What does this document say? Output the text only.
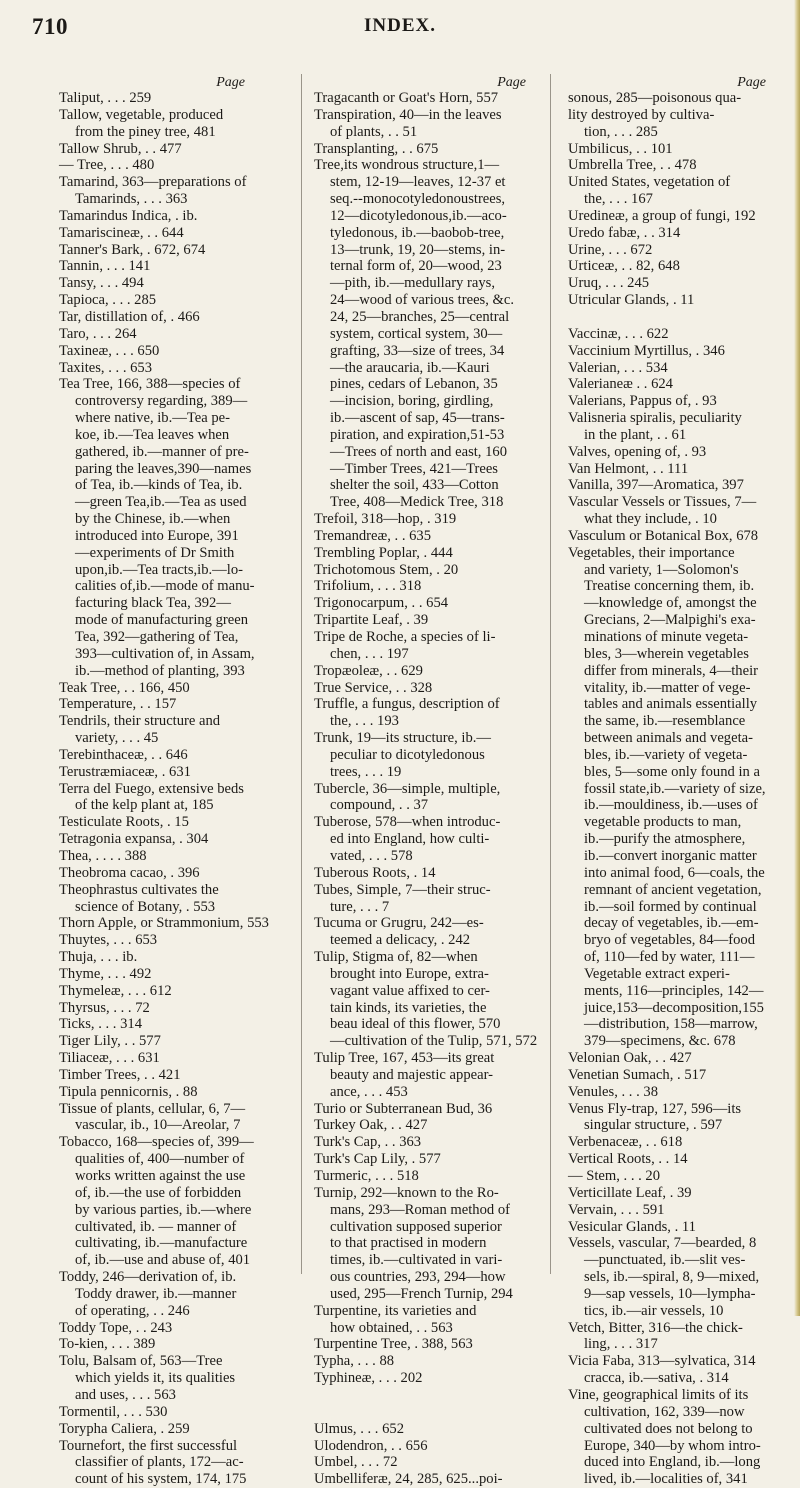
710	INDEX.
Page
Taliput, . . . 259
Tallow, vegetable, produced
from the piney tree, 481
Tallow Shrub, . . 477
— Tree, . . . 480
Tamarind, 363—preparations of
Tamarinds, . . . 363
Tamarindus Indica, . ib.
Tamariscineæ, . . 644
Tanner's Bark, . 672, 674
Tannin, . . . 141
Tansy, . . . 494
Tapioca, . . . 285
Tar, distillation of, . 466
Taro, . . . 264
Taxineæ, . . . 650
Taxites, . . . 653
Tea Tree, 166, 388—species of
controversy regarding, 389—
where native, ib.—Tea pe-
koe, ib.—Tea leaves when
gathered, ib.—manner of pre-
paring the leaves,390—names
of Tea, ib.—kinds of Tea, ib.
—green Tea,ib.—Tea as used
by the Chinese, ib.—when
introduced into Europe, 391
—experiments of Dr Smith
upon,ib.—Tea tracts,ib.—lo-
calities of,ib.—mode of manu-
facturing black Tea, 392—
mode of manufacturing green
Tea, 392—gathering of Tea,
393—cultivation of, in Assam,
ib.—method of planting, 393
Teak Tree, . . 166, 450
Temperature, . . 157
Tendrils, their structure and
variety, . . . 45
Terebinthaceæ, . . 646
Terustræmiaceæ, . 631
Terra del Fuego, extensive beds
of the kelp plant at, 185
Testiculate Roots, . 15
Tetragonia expansa, . 304
Thea, . . . . 388
Theobroma cacao, . 396
Theophrastus cultivates the
science of Botany, . 553
Thorn Apple, or Strammonium, 553
Thuytes, . . . 653
Thuja, . . . ib.
Thyme, . . . 492
Thymeleæ, . . . 612
Thyrsus, . . . 72
Ticks, . . . 314
Tiger Lily, . . 577
Tiliaceæ, . . . 631
Timber Trees, . . 421
Tipula pennicornis, . 88
Tissue of plants, cellular, 6, 7—
vascular, ib., 10—Areolar, 7
Tobacco, 168—species of, 399—
qualities of, 400—number of
works written against the use
of, ib.—the use of forbidden
by various parties, ib.—where
cultivated, ib. — manner of
cultivating, ib.—manufacture
of, ib.—use and abuse of, 401
Toddy, 246—derivation of, ib.
Toddy drawer, ib.—manner
of operating, . . 246
Toddy Tope, . . 243
To-kien, . . . 389
Tolu, Balsam of, 563—Tree
which yields it, its qualities
and uses, . . . 563
Tormentil, . . . 530
Torypha Caliera, . 259
Tournefort, the first successful
classifier of plants, 172—ac-
count of his system, 174, 175
Page
Tragacanth or Goat's Horn, 557
Transpiration, 40—in the leaves
of plants, . . 51
Transplanting, . . 675
Tree,its wondrous structure,1—
stem, 12-19—leaves, 12-37 et
seq.--monocotyledonoustrees,
12—dicotyledonous,ib.—aco-
tyledonous, ib.—baobob-tree,
13—trunk, 19, 20—stems, in-
ternal form of, 20—wood, 23
—pith, ib.—medullary rays,
24—wood of various trees, &c.
24, 25—branches, 25—central
system, cortical system, 30—
grafting, 33—size of trees, 34
—the araucaria, ib.—Kauri
pines, cedars of Lebanon, 35
—incision, boring, girdling,
ib.—ascent of sap, 45—trans-
piration, and expiration,51-53
—Trees of north and east, 160
—Timber Trees, 421—Trees
shelter the soil, 433—Cotton
Tree, 408—Medick Tree, 318
Trefoil, 318—hop, . 319
Tremandreæ, . . 635
Trembling Poplar, . 444
Trichotomous Stem, . 20
Trifolium, . . . 318
Trigonocarpum, . . 654
Tripartite Leaf, . 39
Tripe de Roche, a species of li-
chen, . . . 197
Tropæoleæ, . . 629
True Service, . . 328
Truffle, a fungus, description of
the, . . . 193
Trunk, 19—its structure, ib.—
peculiar to dicotyledonous
trees, . . . 19
Tubercle, 36—simple, multiple,
compound, . . 37
Tuberose, 578—when introduc-
ed into England, how culti-
vated, . . . 578
Tuberous Roots, . 14
Tubes, Simple, 7—their struc-
ture, . . . 7
Tucuma or Grugru, 242—es-
teemed a delicacy, . 242
Tulip, Stigma of, 82—when
brought into Europe, extra-
vagant value affixed to cer-
tain kinds, its varieties, the
beau ideal of this flower, 570
—cultivation of the Tulip, 571, 572
Tulip Tree, 167, 453—its great
beauty and majestic appear-
ance, . . . 453
Turio or Subterranean Bud, 36
Turkey Oak, . . 427
Turk's Cap, . . 363
Turk's Cap Lily, . 577
Turmeric, . . . 518
Turnip, 292—known to the Ro-
mans, 293—Roman method of
cultivation supposed superior
to that practised in modern
times, ib.—cultivated in vari-
ous countries, 293, 294—how
used, 295—French Turnip, 294
Turpentine, its varieties and
how obtained, . . 563
Turpentine Tree, . 388, 563
Typha, . . . 88
Typhineæ, . . . 202
Ulmus, . . . 652
Ulodendron, . . 656
Umbel, . . . 72
Umbelliferæ, 24, 285, 625...poi-
Page
sonous, 285—poisonous qua-
lity destroyed by cultiva-
tion, . . . 285
Umbilicus, . . 101
Umbrella Tree, . . 478
United States, vegetation of
the, . . . 167
Uredineæ, a group of fungi, 192
Uredo fabæ, . . 314
Urine, . . . 672
Urticeæ, . . 82, 648
Uruq, . . . 245
Utricular Glands, . 11
Vaccinæ, . . . 622
Vaccinium Myrtillus, . 346
Valerian, . . . 534
Valerianeæ . . 624
Valerians, Pappus of, . 93
Valisneria spiralis, peculiarity
in the plant, . . 61
Valves, opening of, . 93
Van Helmont, . . 111
Vanilla, 397—Aromatica, 397
Vascular Vessels or Tissues, 7—
what they include, . 10
Vasculum or Botanical Box, 678
Vegetables, their importance
and variety, 1—Solomon's
Treatise concerning them, ib.
—knowledge of, amongst the
Grecians, 2—Malpighi's exa-
minations of minute vegeta-
bles, 3—wherein vegetables
differ from minerals, 4—their
vitality, ib.—matter of vege-
tables and animals essentially
the same, ib.—resemblance
between animals and vegeta-
bles, ib.—variety of vegeta-
bles, 5—some only found in a
fossil state,ib.—variety of size,
ib.—mouldiness, ib.—uses of
vegetable products to man,
ib.—purify the atmosphere,
ib.—convert inorganic matter
into animal food, 6—coals, the
remnant of ancient vegetation,
ib.—soil formed by continual
decay of vegetables, ib.—em-
bryo of vegetables, 84—food
of, 110—fed by water, 111—
Vegetable extract experi-
ments, 116—principles, 142—
juice,153—decomposition,155
—distribution, 158—marrow,
379—specimens, &c. 678
Velonian Oak, . . 427
Venetian Sumach, . 517
Venules, . . . 38
Venus Fly-trap, 127, 596—its
singular structure, . 597
Verbenaceæ, . . 618
Vertical Roots, . . 14
— Stem, . . . 20
Verticillate Leaf, . 39
Vervain, . . . 591
Vesicular Glands, . 11
Vessels, vascular, 7—bearded, 8
—punctuated, ib.—slit ves-
sels, ib.—spiral, 8, 9—mixed,
9—sap vessels, 10—lympha-
tics, ib.—air vessels, 10
Vetch, Bitter, 316—the chick-
ling, . . . 317
Vicia Faba, 313—sylvatica, 314
cracca, ib.—sativa, . 314
Vine, geographical limits of its
cultivation, 162, 339—now
cultivated does not belong to
Europe, 340—by whom intro-
duced into England, ib.—long
lived, ib.—localities of, 341
